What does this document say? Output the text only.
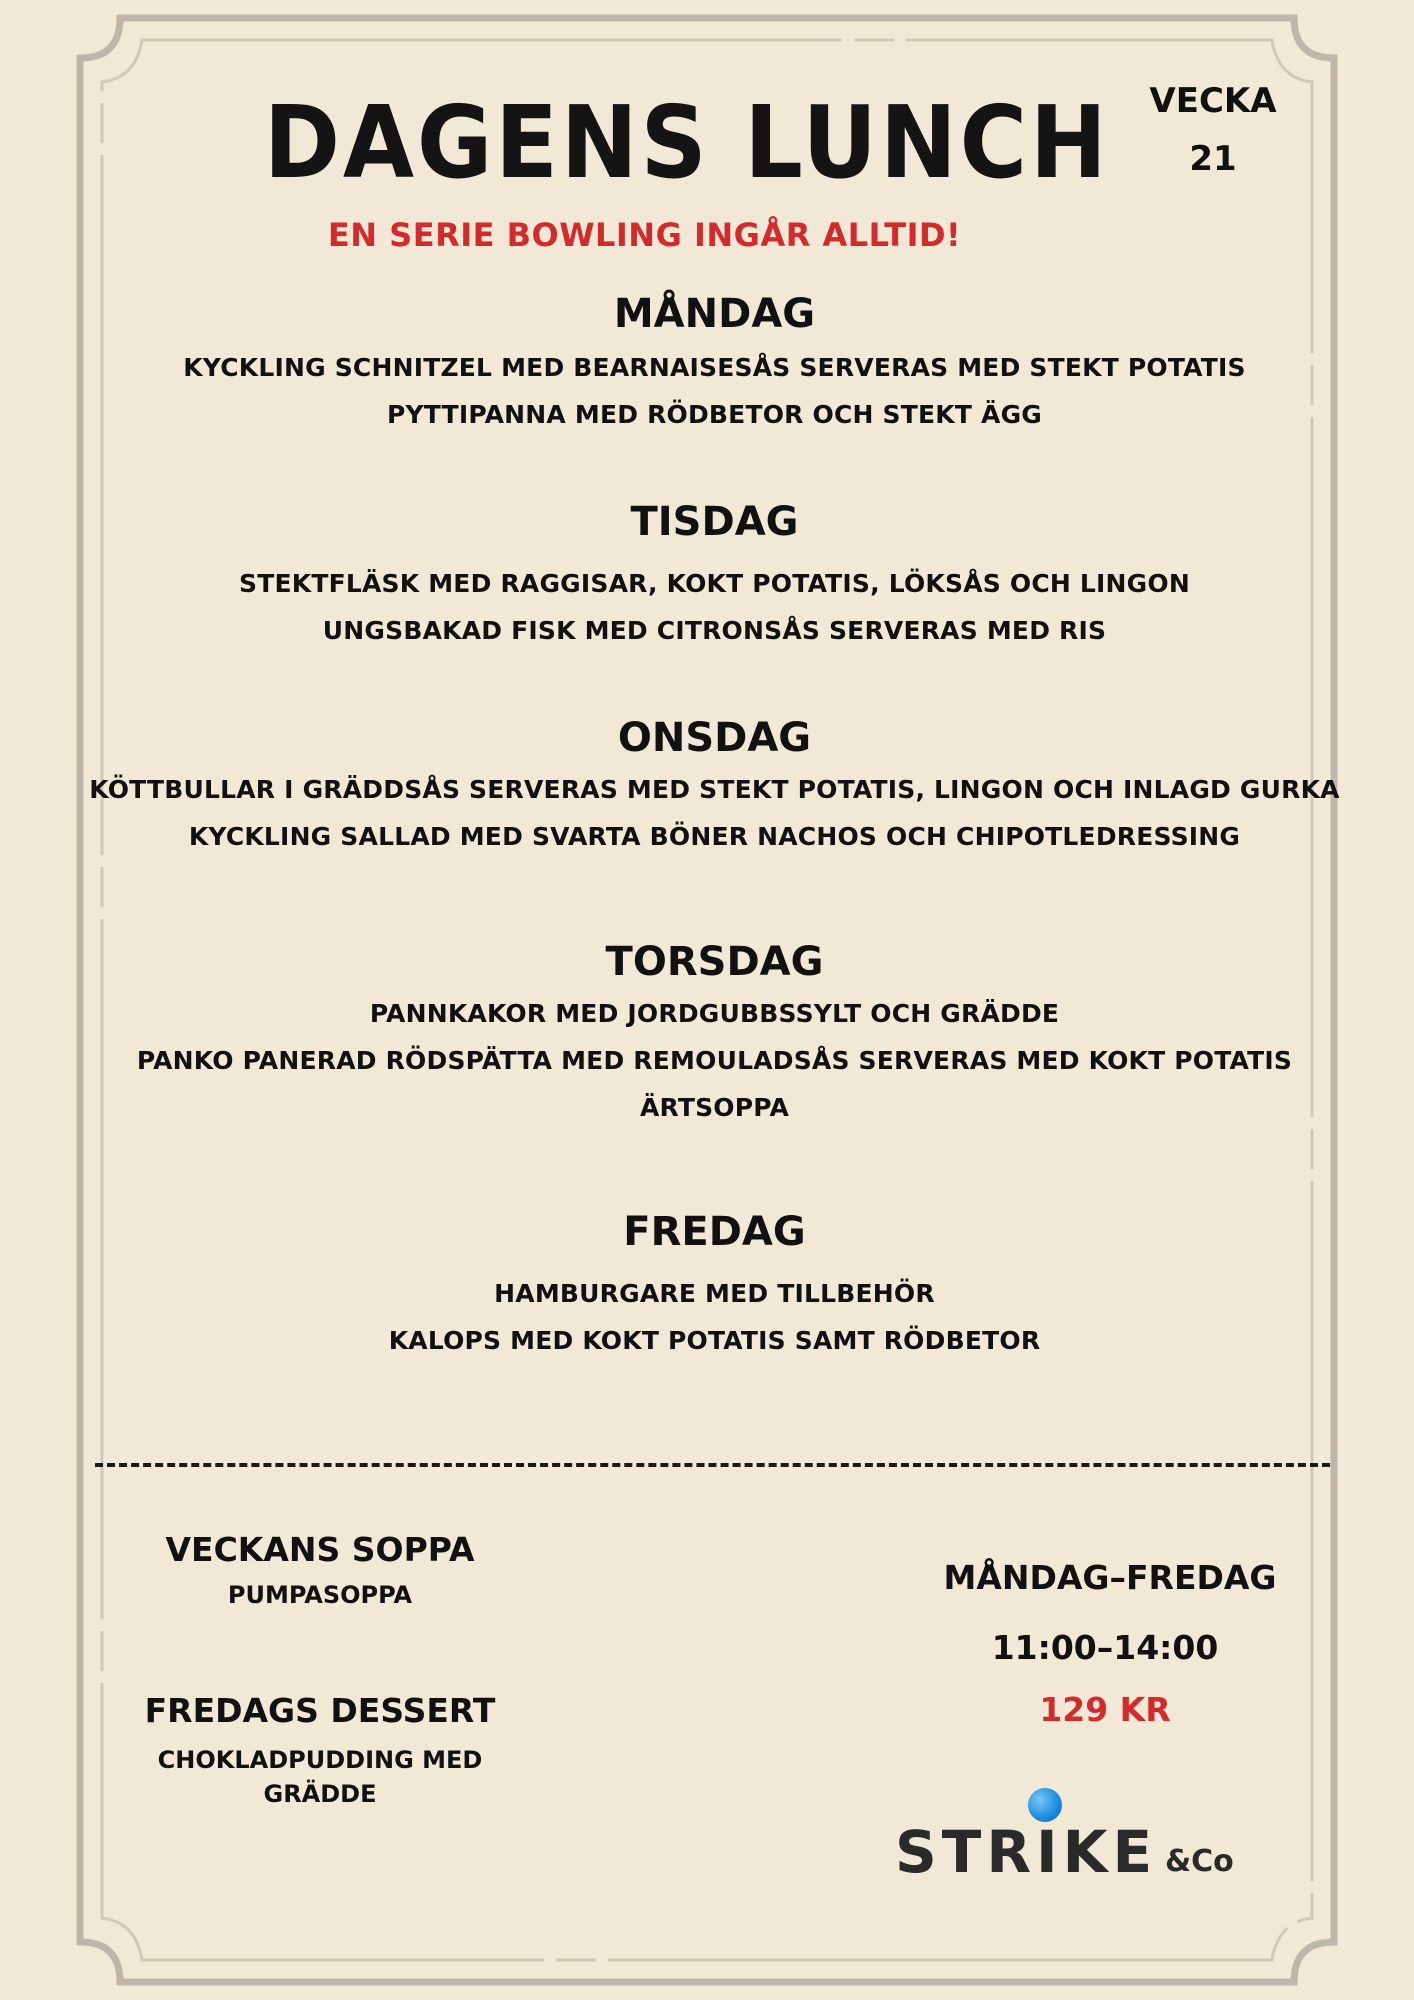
DAGENS LUNCH	VECKA
21
EN SERIE BOWLING INGÅR ALLTID!
MÅNDAG
KYCKLING SCHNITZEL MED BEARNAISESÅS SERVERAS MED STEKT POTATIS
PYTTIPANNA MED RÖDBETOR OCH STEKT ÄGG
TISDAG
STEKTFLÄSK MED RAGGISAR, KOKT POTATIS, LÖKSÅS OCH LINGON
UNGSBAKAD FISK MED CITRONSÅS SERVERAS MED RIS
ONSDAG
KÖTTBULLAR I GRÄDDSÅS SERVERAS MED STEKT POTATIS, LINGON OCH INLAGD GURKA
KYCKLING SALLAD MED SVARTA BÖNER NACHOS OCH CHIPOTLEDRESSING
TORSDAG
PANNKAKOR MED JORDGUBBSSYLT OCH GRÄDDE
PANKO PANERAD RÖDSPÄTTA MED REMOULADSÅS SERVERAS MED KOKT POTATIS
ÄRTSOPPA
FREDAG
HAMBURGARE MED TILLBEHÖR
KALOPS MED KOKT POTATIS SAMT RÖDBETOR
VECKANS SOPPA
PUMPASOPPA
FREDAGS DESSERT
CHOKLADPUDDING MED GRÄDDE
MÅNDAG–FREDAG
11:00–14:00
129 KR
STRIKE &Co
